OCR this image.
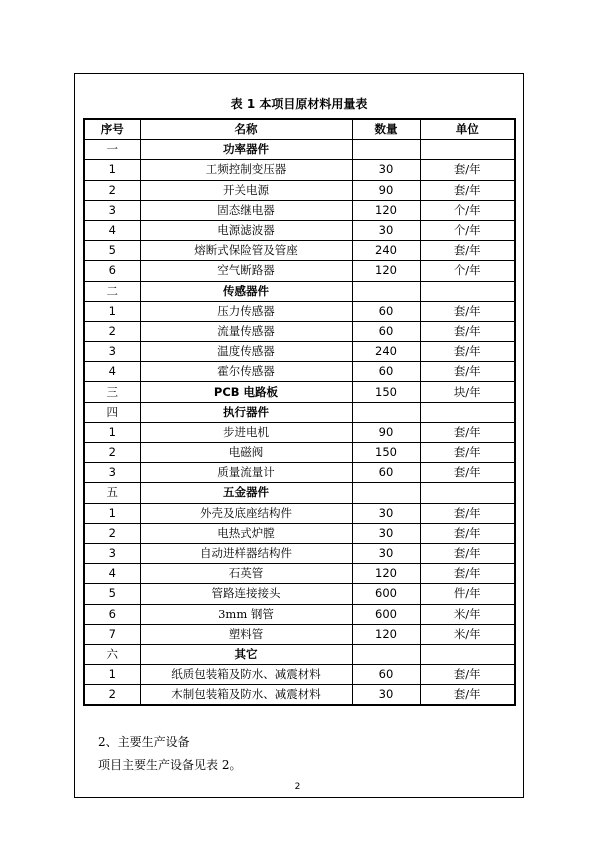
表 1 本项目原材料用量表
序号	名称	数量	单位
一	功率器件		
1	工频控制变压器	30	套/年
2	开关电源	90	套/年
3	固态继电器	120	个/年
4	电源滤波器	30	个/年
5	熔断式保险管及管座	240	套/年
6	空气断路器	120	个/年
二	传感器件		
1	压力传感器	60	套/年
2	流量传感器	60	套/年
3	温度传感器	240	套/年
4	霍尔传感器	60	套/年
三	PCB 电路板	150	块/年
四	执行器件		
1	步进电机	90	套/年
2	电磁阀	150	套/年
3	质量流量计	60	套/年
五	五金器件		
1	外壳及底座结构件	30	套/年
2	电热式炉膛	30	套/年
3	自动进样器结构件	30	套/年
4	石英管	120	套/年
5	管路连接接头	600	件/年
6	3mm 钢管	600	米/年
7	塑料管	120	米/年
六	其它		
1	纸质包装箱及防水、减震材料	60	套/年
2	木制包装箱及防水、减震材料	30	套/年
2、主要生产设备
项目主要生产设备见表 2。
2
